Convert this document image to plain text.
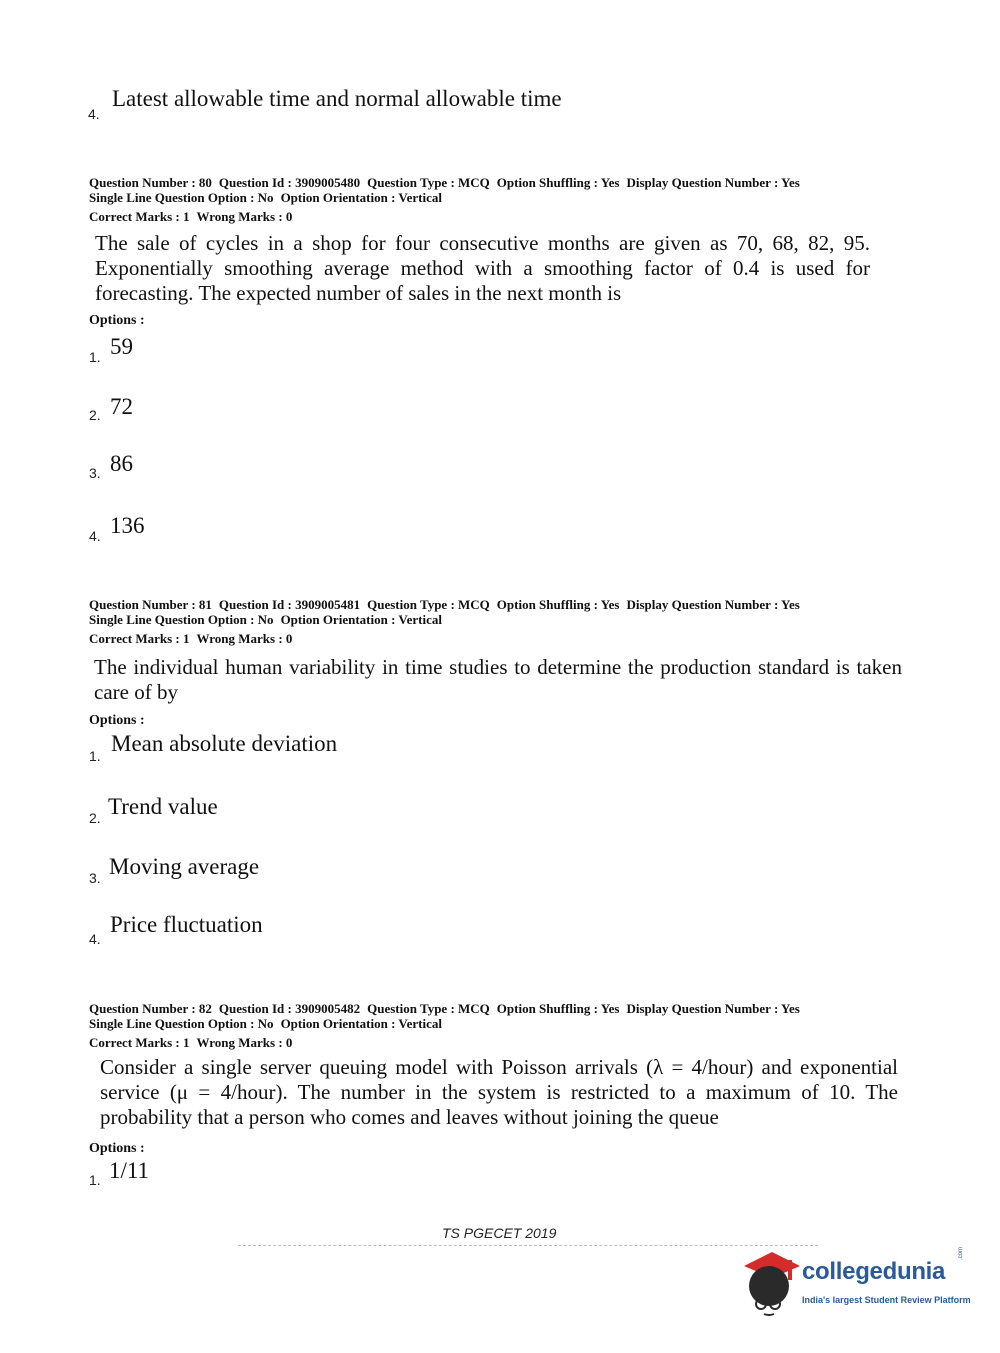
4.
Latest allowable time and normal allowable time
Question Number : 80 Question Id : 3909005480 Question Type : MCQ Option Shuffling : Yes Display Question Number : Yes
Single Line Question Option : No Option Orientation : Vertical
Correct Marks : 1 Wrong Marks : 0
The sale of cycles in a shop for four consecutive months are given as 70, 68, 82, 95. Exponentially smoothing average method with a smoothing factor of 0.4 is used for forecasting. The expected number of sales in the next month is
Options :
1. 59
2. 72
3. 86
4. 136
Question Number : 81 Question Id : 3909005481 Question Type : MCQ Option Shuffling : Yes Display Question Number : Yes
Single Line Question Option : No Option Orientation : Vertical
Correct Marks : 1 Wrong Marks : 0
The individual human variability in time studies to determine the production standard is taken care of by
Options :
1. Mean absolute deviation
2. Trend value
3. Moving average
4.
Price fluctuation
Question Number : 82 Question Id : 3909005482 Question Type : MCQ Option Shuffling : Yes Display Question Number : Yes
Single Line Question Option : No Option Orientation : Vertical
Correct Marks : 1 Wrong Marks : 0
Consider a single server queuing model with Poisson arrivals (λ = 4/hour) and exponential service (μ = 4/hour). The number in the system is restricted to a maximum of 10. The probability that a person who comes and leaves without joining the queue
Options :
1. 1/11
TS PGECET 2019
collegedunia
.com
India's largest Student Review Platform
